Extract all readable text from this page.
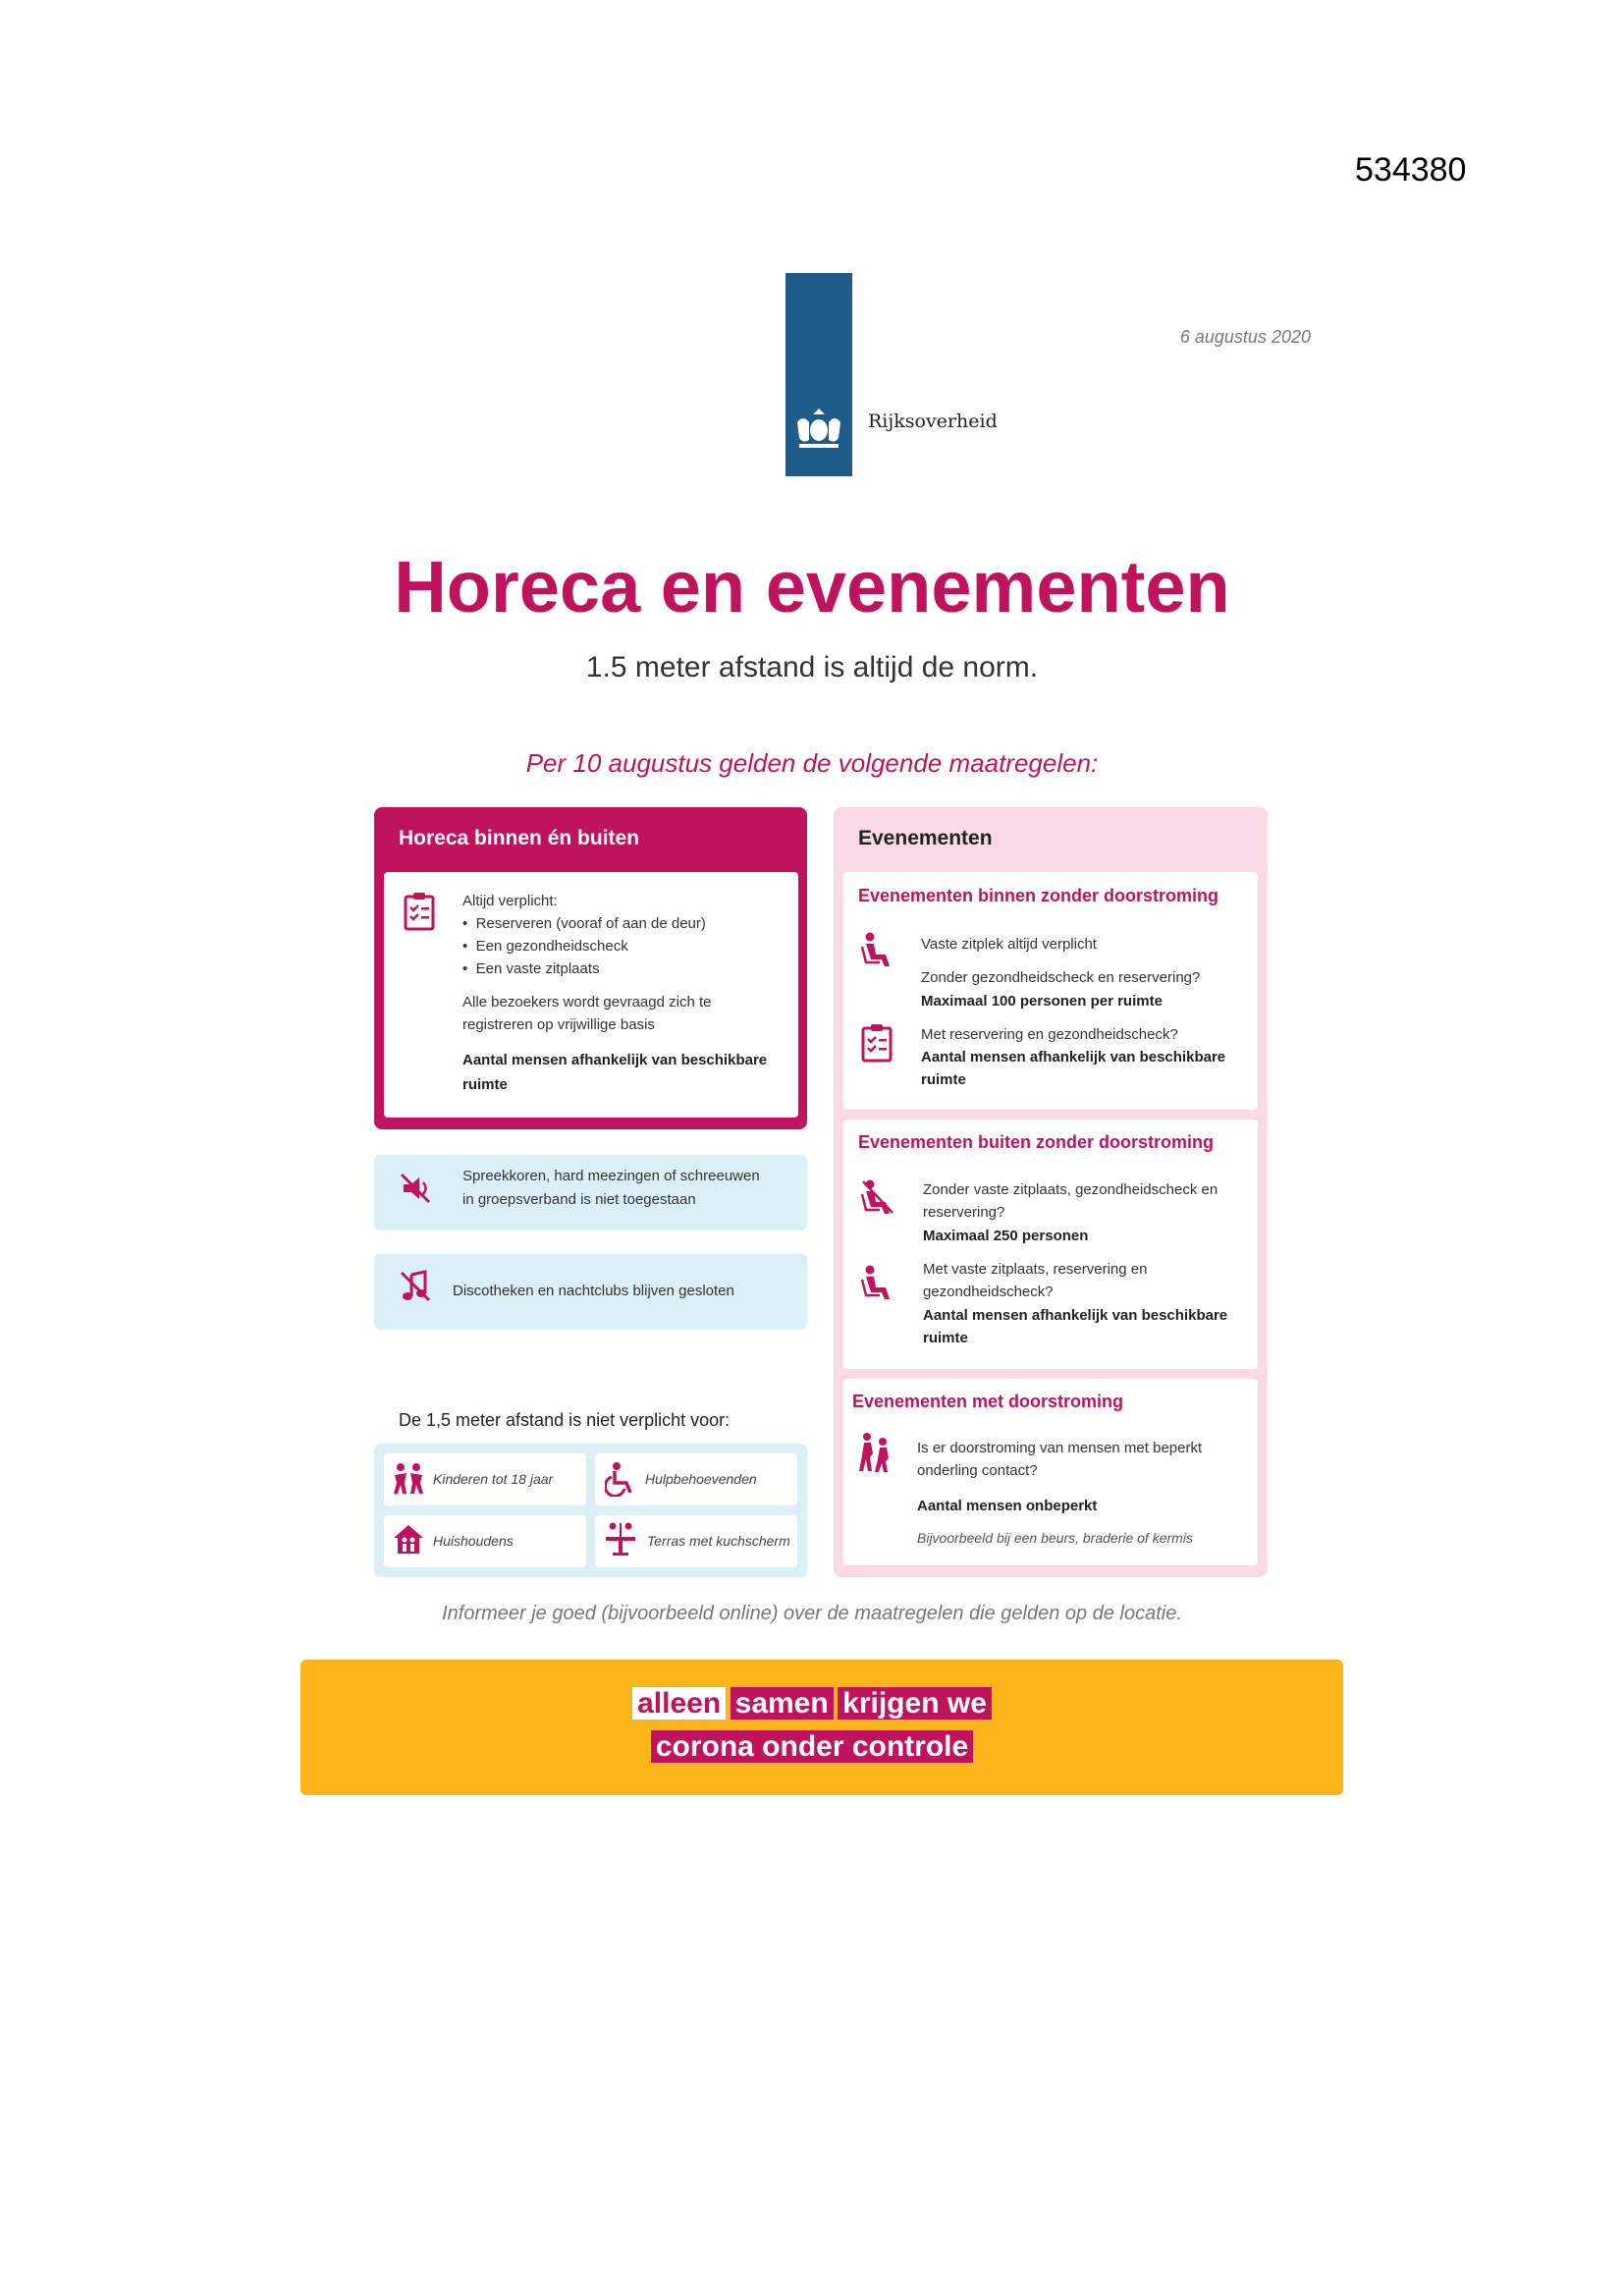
534380
Rijksoverheid
6 augustus 2020
Horeca en evenementen
1.5 meter afstand is altijd de norm.
Per 10 augustus gelden de volgende maatregelen:
Horeca binnen én buiten
Altijd verplicht:
•  Reserveren (vooraf of aan de deur)
•  Een gezondheidscheck
•  Een vaste zitplaats
Alle bezoekers wordt gevraagd zich te
registreren op vrijwillige basis
Aantal mensen afhankelijk van beschikbare
ruimte
Spreekkoren, hard meezingen of schreeuwen
in groepsverband is niet toegestaan
Discotheken en nachtclubs blijven gesloten
De 1,5 meter afstand is niet verplicht voor:
Kinderen tot 18 jaar	Hulpbehoevenden
Huishoudens	Terras met kuchscherm
Evenementen
Evenementen binnen zonder doorstroming
Vaste zitplek altijd verplicht
Zonder gezondheidscheck en reservering?
Maximaal 100 personen per ruimte
Met reservering en gezondheidscheck?
Aantal mensen afhankelijk van beschikbare
ruimte
Evenementen buiten zonder doorstroming
Zonder vaste zitplaats, gezondheidscheck en
reservering?
Maximaal 250 personen
Met vaste zitplaats, reservering en
gezondheidscheck?
Aantal mensen afhankelijk van beschikbare
ruimte
Evenementen met doorstroming
Is er doorstroming van mensen met beperkt
onderling contact?
Aantal mensen onbeperkt
Bijvoorbeeld bij een beurs, braderie of kermis
Informeer je goed (bijvoorbeeld online) over de maatregelen die gelden op de locatie.
alleen samen krijgen we
corona onder controle
